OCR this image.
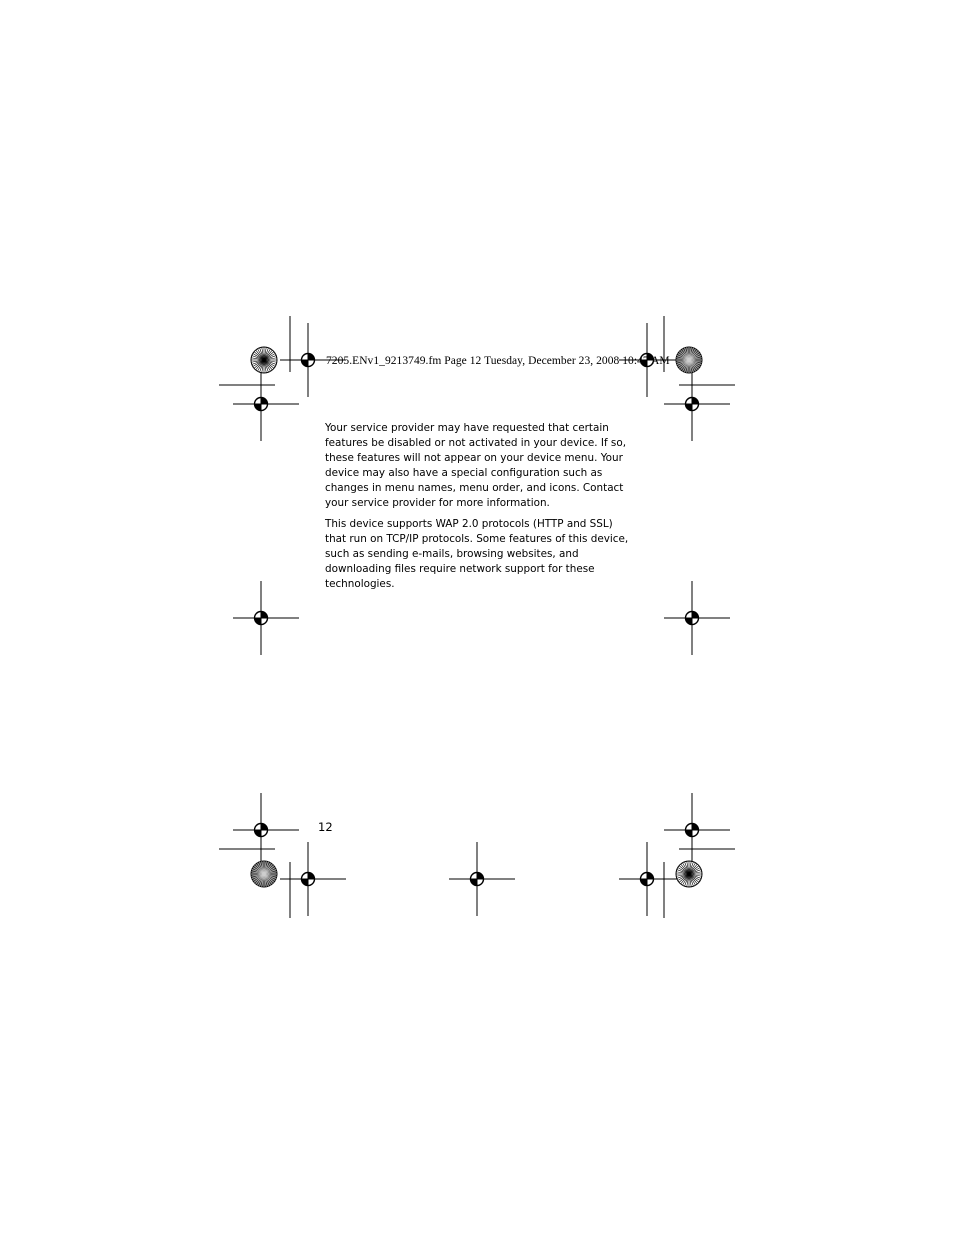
7205.ENv1_9213749.fm Page 12 Tuesday, December 23, 2008 10:47 AM

Your service provider may have requested that certain features be disabled or not activated in your device. If so, these features will not appear on your device menu. Your device may also have a special configuration such as changes in menu names, menu order, and icons. Contact your service provider for more information.

This device supports WAP 2.0 protocols (HTTP and SSL) that run on TCP/IP protocols. Some features of this device, such as sending e-mails, browsing websites, and downloading files require network support for these technologies.

12
